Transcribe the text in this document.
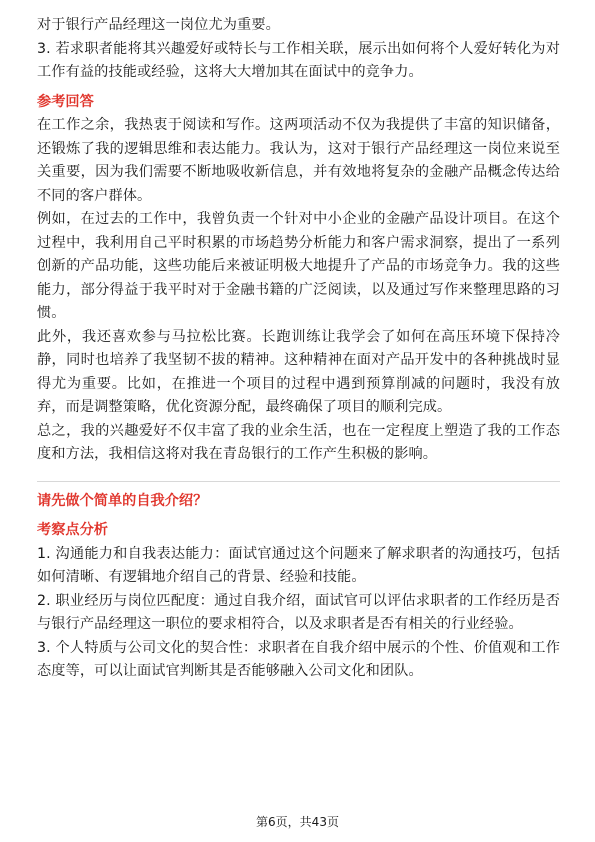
对于银行产品经理这一岗位尤为重要。

3. 若求职者能将其兴趣爱好或特长与工作相关联，展示出如何将个人爱好转化为对工作有益的技能或经验，这将大大增加其在面试中的竞争力。

参考回答

在工作之余，我热衷于阅读和写作。这两项活动不仅为我提供了丰富的知识储备，还锻炼了我的逻辑思维和表达能力。我认为，这对于银行产品经理这一岗位来说至关重要，因为我们需要不断地吸收新信息，并有效地将复杂的金融产品概念传达给不同的客户群体。

例如，在过去的工作中，我曾负责一个针对中小企业的金融产品设计项目。在这个过程中，我利用自己平时积累的市场趋势分析能力和客户需求洞察，提出了一系列创新的产品功能，这些功能后来被证明极大地提升了产品的市场竞争力。我的这些能力，部分得益于我平时对于金融书籍的广泛阅读，以及通过写作来整理思路的习惯。

此外，我还喜欢参与马拉松比赛。长跑训练让我学会了如何在高压环境下保持冷静，同时也培养了我坚韧不拔的精神。这种精神在面对产品开发中的各种挑战时显得尤为重要。比如，在推进一个项目的过程中遇到预算削减的问题时，我没有放弃，而是调整策略，优化资源分配，最终确保了项目的顺利完成。

总之，我的兴趣爱好不仅丰富了我的业余生活，也在一定程度上塑造了我的工作态度和方法，我相信这将对我在青岛银行的工作产生积极的影响。

请先做个简单的自我介绍？

考察点分析

1. 沟通能力和自我表达能力：面试官通过这个问题来了解求职者的沟通技巧，包括如何清晰、有逻辑地介绍自己的背景、经验和技能。

2. 职业经历与岗位匹配度：通过自我介绍，面试官可以评估求职者的工作经历是否与银行产品经理这一职位的要求相符合，以及求职者是否有相关的行业经验。

3. 个人特质与公司文化的契合性：求职者在自我介绍中展示的个性、价值观和工作态度等，可以让面试官判断其是否能够融入公司文化和团队。

第6页，共43页
